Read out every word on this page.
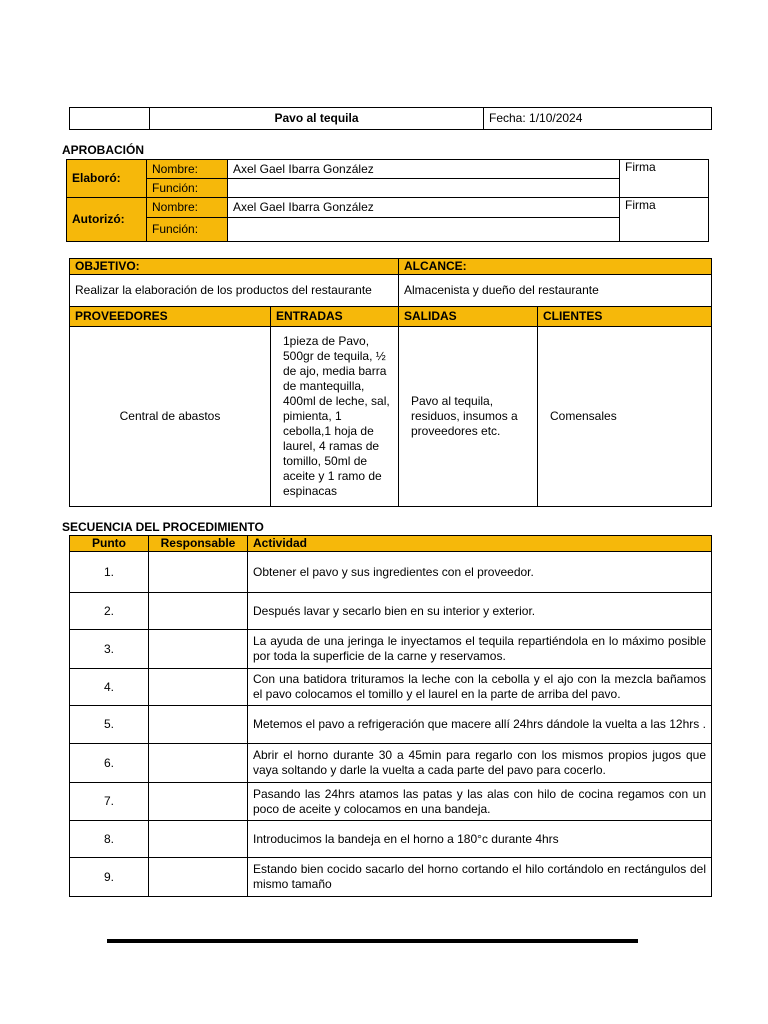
	Pavo al tequila	Fecha: 1/10/2024
APROBACIÓN
Elaboró:	Nombre:	Axel Gael Ibarra González	Firma
	Función:		
Autorizó:	Nombre:	Axel Gael Ibarra González	Firma
	Función:		
OBJETIVO:		ALCANCE:	
Realizar la elaboración de los productos del restaurante		Almacenista y dueño del restaurante	
PROVEEDORES	ENTRADAS	SALIDAS	CLIENTES
Central de abastos	1pieza de Pavo, 500gr de tequila, ½ de ajo, media barra de mantequilla, 400ml de leche, sal, pimienta, 1 cebolla,1 hoja de laurel, 4 ramas de tomillo, 50ml de aceite y 1 ramo de espinacas	Pavo al tequila, residuos, insumos a proveedores etc.	Comensales
SECUENCIA DEL PROCEDIMIENTO
Punto	Responsable	Actividad
1.		Obtener el pavo y sus ingredientes con el proveedor.
2.		Después lavar y secarlo bien en su interior y exterior.
3.		La ayuda de una jeringa le inyectamos el tequila repartiéndola en lo máximo posible por toda la superficie de la carne y reservamos.
4.		Con una batidora trituramos la leche con la cebolla y el ajo con la mezcla bañamos el pavo colocamos el tomillo y el laurel en la parte de arriba del pavo.
5.		Metemos el pavo a refrigeración que macere allí 24hrs dándole la vuelta a las 12hrs .
6.		Abrir el horno durante 30 a 45min para regarlo con los mismos propios jugos que vaya soltando y darle la vuelta a cada parte del pavo para cocerlo.
7.		Pasando las 24hrs atamos las patas y las alas con hilo de cocina regamos con un poco de aceite y colocamos en una bandeja.
8.		Introducimos la bandeja en el horno a 180°c durante 4hrs
9.		Estando bien cocido sacarlo del horno cortando el hilo cortándolo en rectángulos del mismo tamaño
